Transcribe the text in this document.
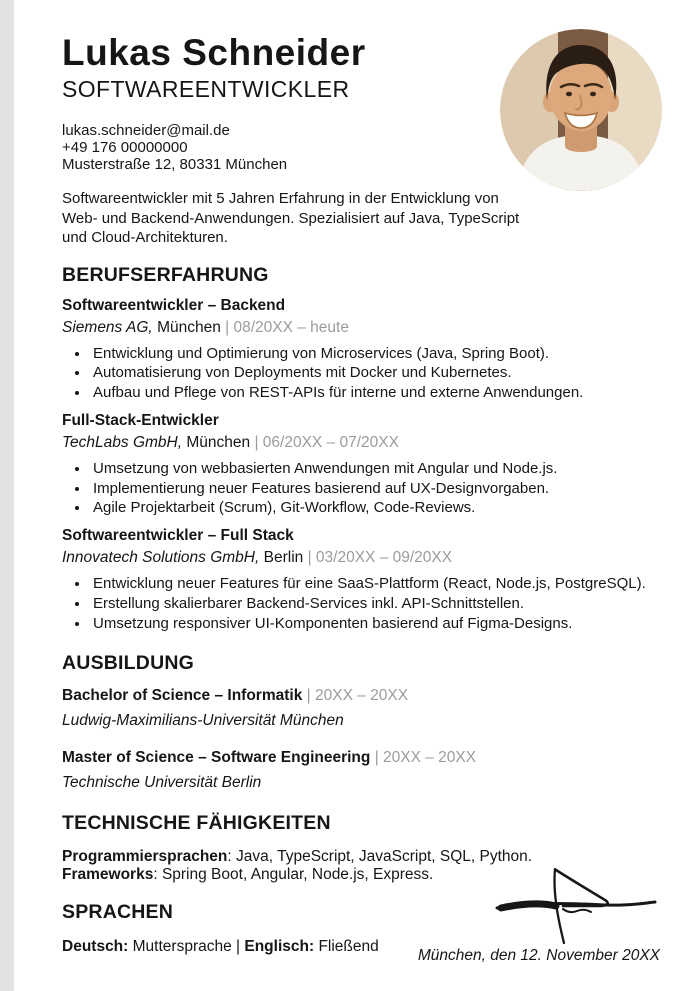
Lukas Schneider
SOFTWAREENTWICKLER
lukas.schneider@mail.de
+49 176 00000000
Musterstraße 12, 80331 München

Softwareentwickler mit 5 Jahren Erfahrung in der Entwicklung von Web- und Backend-Anwendungen. Spezialisiert auf Java, TypeScript und Cloud-Architekturen.

BERUFSERFAHRUNG
Softwareentwickler – Backend
Siemens AG, München | 08/20XX – heute
• Entwicklung und Optimierung von Microservices (Java, Spring Boot).
• Automatisierung von Deployments mit Docker und Kubernetes.
• Aufbau und Pflege von REST-APIs für interne und externe Anwendungen.
Full-Stack-Entwickler
TechLabs GmbH, München | 06/20XX – 07/20XX
• Umsetzung von webbasierten Anwendungen mit Angular und Node.js.
• Implementierung neuer Features basierend auf UX-Designvorgaben.
• Agile Projektarbeit (Scrum), Git-Workflow, Code-Reviews.
Softwareentwickler – Full Stack
Innovatech Solutions GmbH, Berlin | 03/20XX – 09/20XX
• Entwicklung neuer Features für eine SaaS-Plattform (React, Node.js, PostgreSQL).
• Erstellung skalierbarer Backend-Services inkl. API-Schnittstellen.
• Umsetzung responsiver UI-Komponenten basierend auf Figma-Designs.
AUSBILDUNG
Bachelor of Science – Informatik | 20XX – 20XX
Ludwig-Maximilians-Universität München
Master of Science – Software Engineering | 20XX – 20XX
Technische Universität Berlin
TECHNISCHE FÄHIGKEITEN
Programmiersprachen: Java, TypeScript, JavaScript, SQL, Python.
Frameworks: Spring Boot, Angular, Node.js, Express.
SPRACHEN
Deutsch: Muttersprache | Englisch: Fließend
München, den 12. November 20XX
